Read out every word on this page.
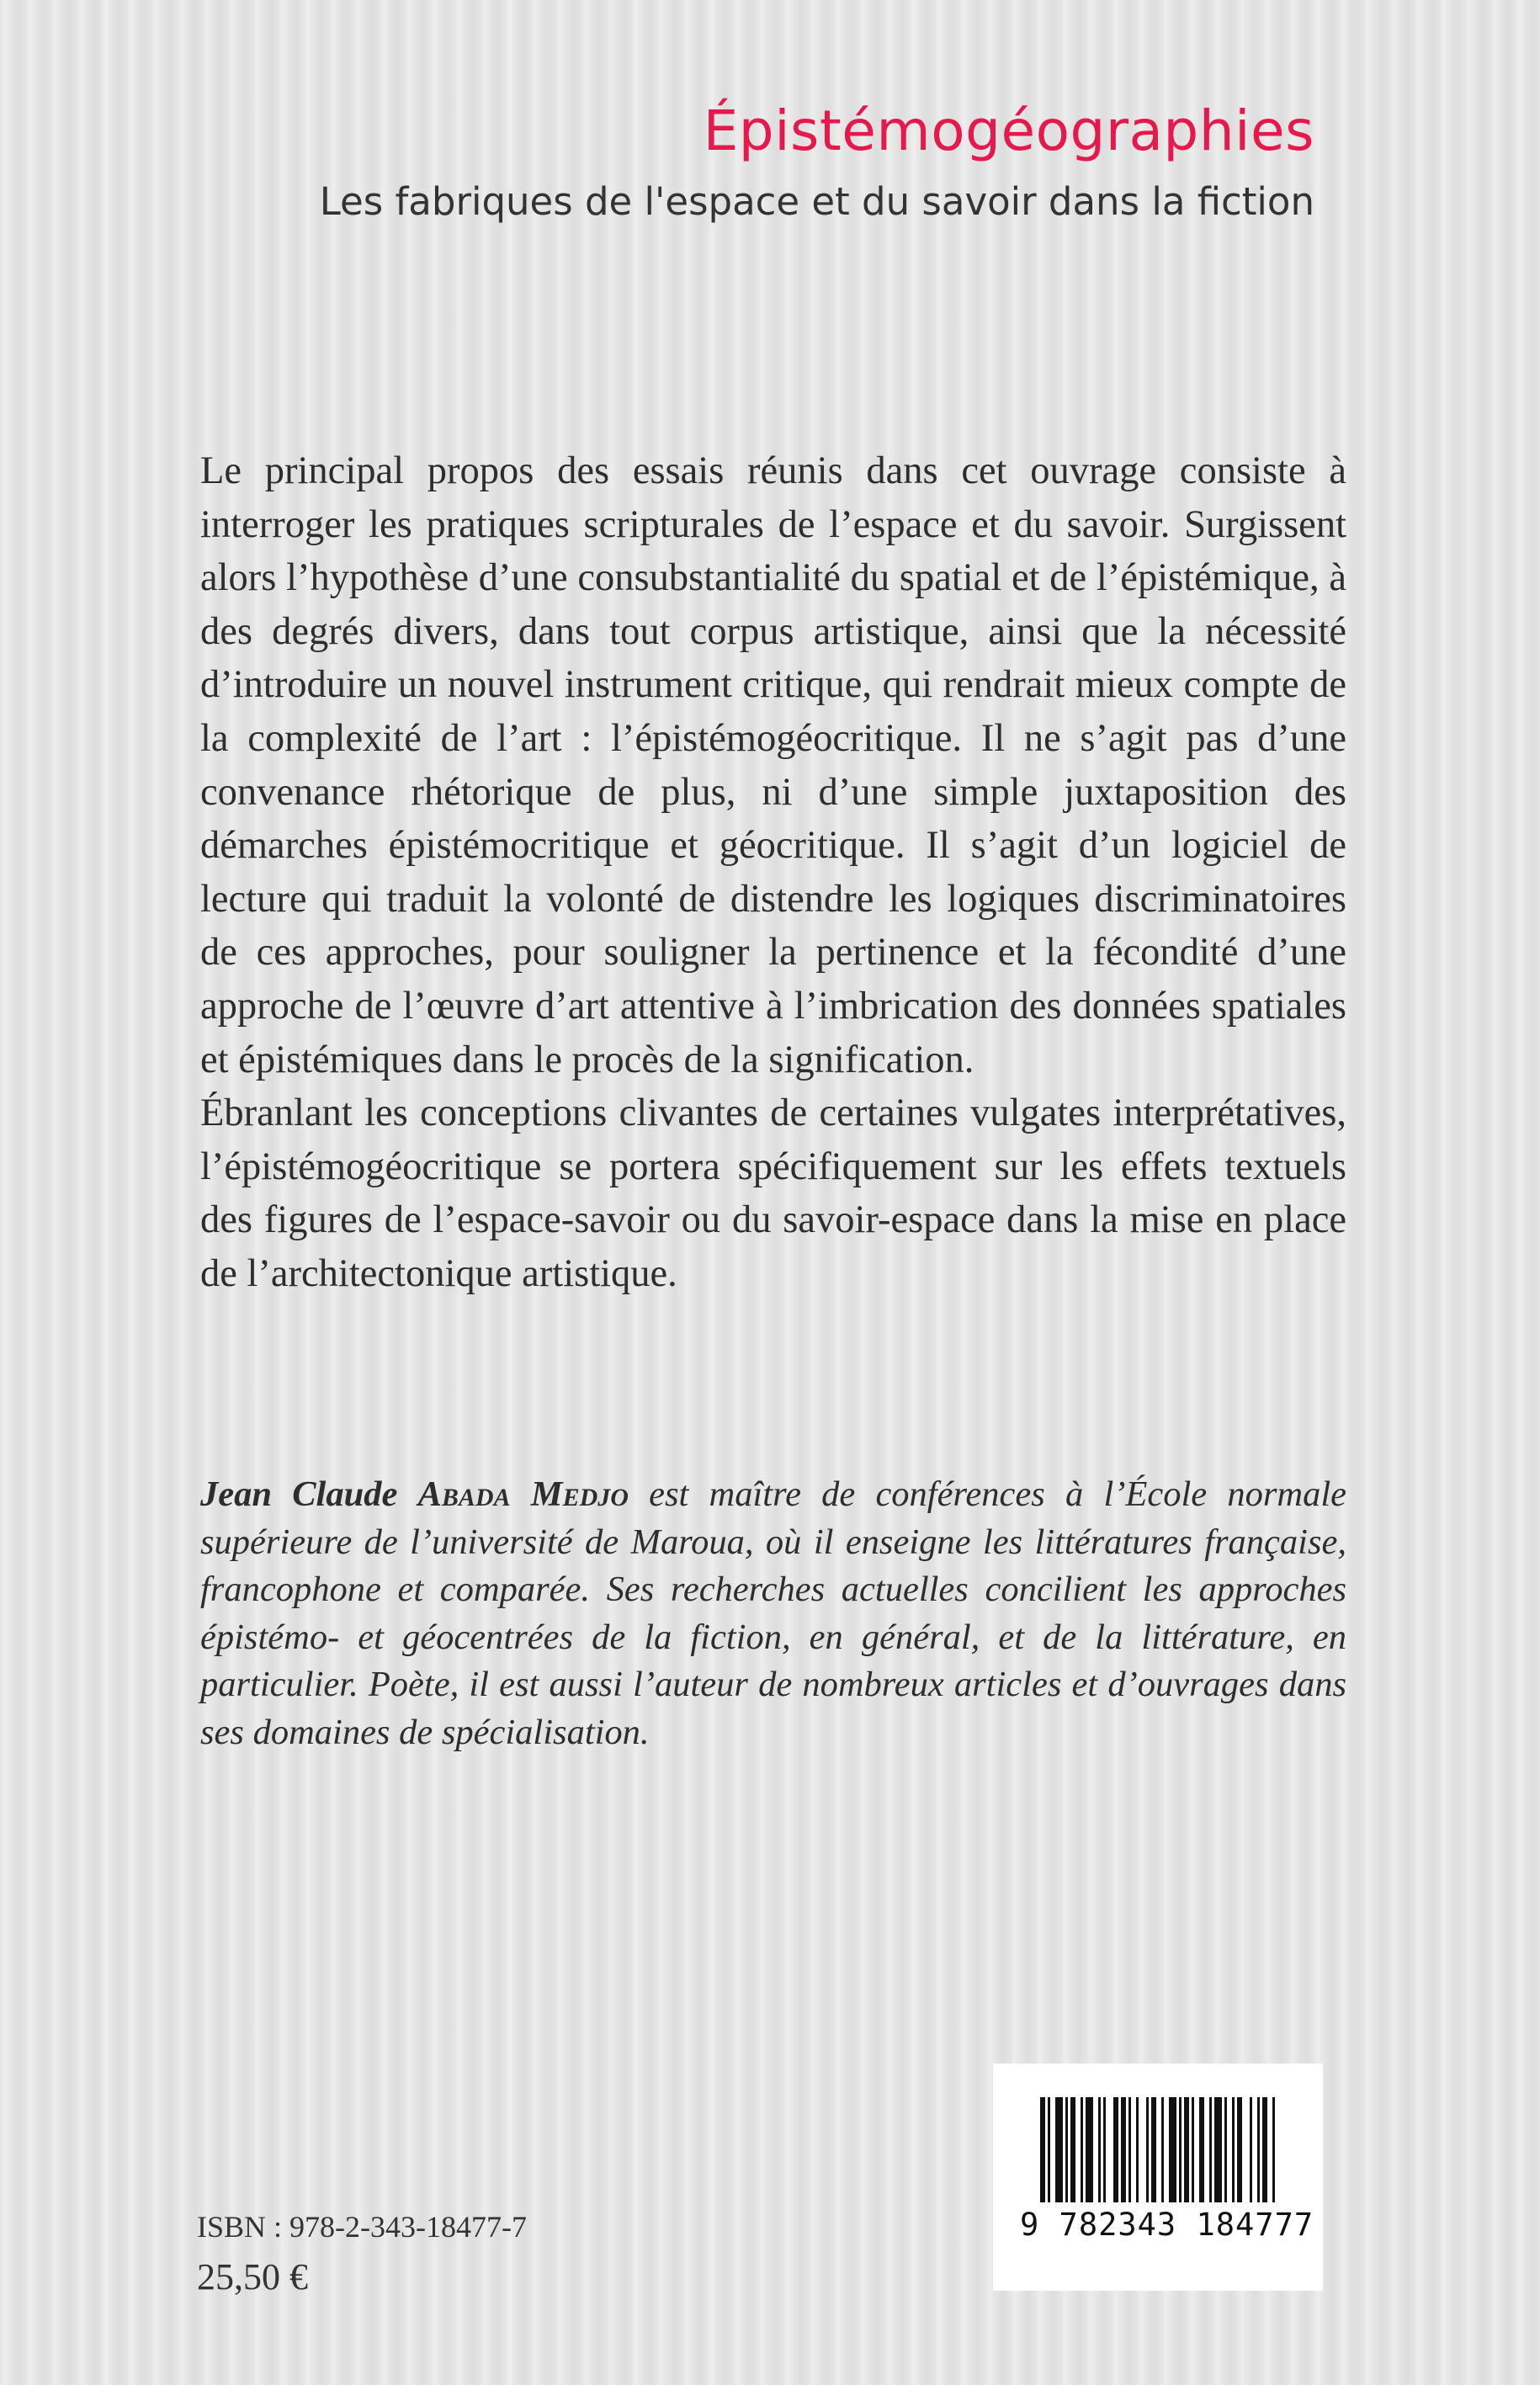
Épistémogéographies
Les fabriques de l'espace et du savoir dans la fiction

Le principal propos des essais réunis dans cet ouvrage consiste à interroger les pratiques scripturales de l’espace et du savoir. Surgissent alors l’hypothèse d’une consubstantialité du spatial et de l’épistémique, à des degrés divers, dans tout corpus artistique, ainsi que la nécessité d’introduire un nouvel instrument critique, qui rendrait mieux compte de la complexité de l’art : l’épistémogéocritique. Il ne s’agit pas d’une convenance rhétorique de plus, ni d’une simple juxtaposition des démarches épistémocritique et géocritique. Il s’agit d’un logiciel de lecture qui traduit la volonté de distendre les logiques discriminatoires de ces approches, pour souligner la pertinence et la fécondité d’une approche de l’œuvre d’art attentive à l’imbrication des données spatiales et épistémiques dans le procès de la signification.

Ébranlant les conceptions clivantes de certaines vulgates interprétatives, l’épistémogéocritique se portera spécifiquement sur les effets textuels des figures de l’espace-savoir ou du savoir-espace dans la mise en place de l’architectonique artistique.

Jean Claude Abada Medjo est maître de conférences à l’École normale supérieure de l’université de Maroua, où il enseigne les littératures française, francophone et comparée. Ses recherches actuelles concilient les approches épistémo- et géocentrées de la fiction, en général, et de la littérature, en particulier. Poète, il est aussi l’auteur de nombreux articles et d’ouvrages dans ses domaines de spécialisation.
ISBN : 978-2-343-18477-7
25,50 €
9 782343 184777
